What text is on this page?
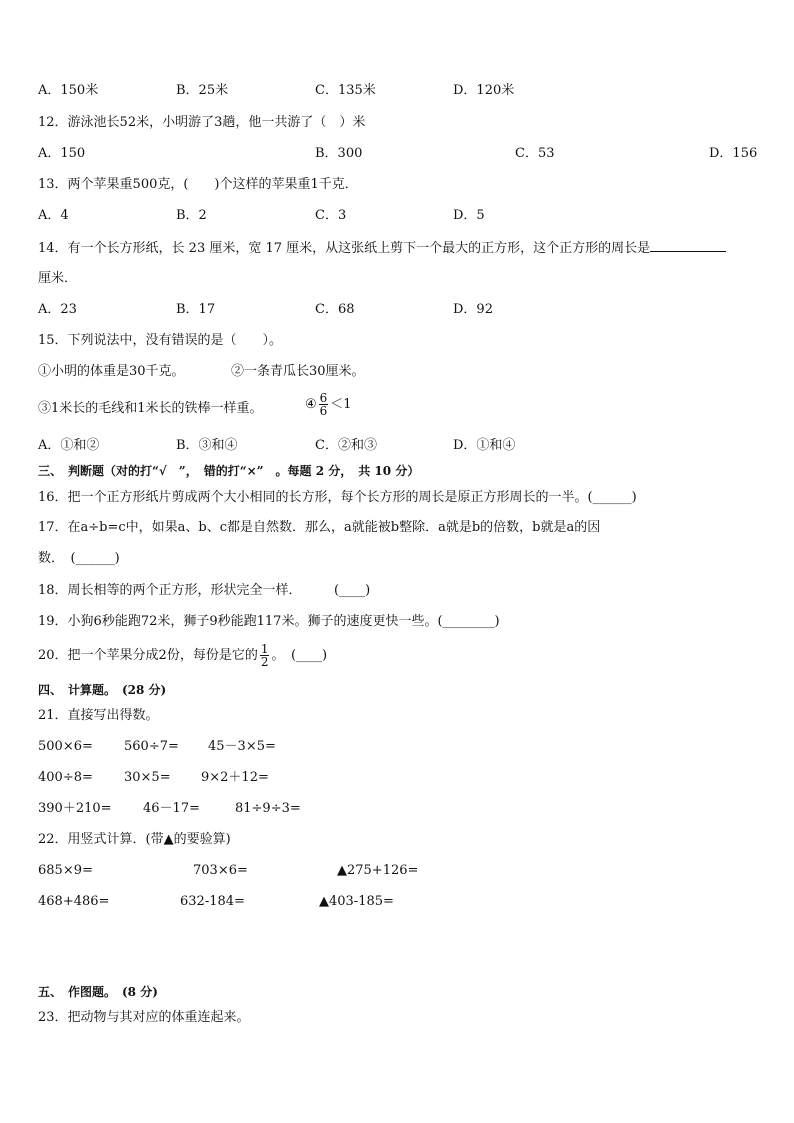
A．150米	B．25米	C．135米	D．120米
12．游泳池长52米，小明游了3趟，他一共游了（　）米
A．150	B．300	C．53	D．156
13．两个苹果重500克，(　　)个这样的苹果重1千克．
A．4	B．2	C．3	D．5
14．有一个长方形纸，长 23 厘米，宽 17 厘米，从这张纸上剪下一个最大的正方形，这个正方形的周长是
厘米．
A．23	B．17	C．68	D．92
15．下列说法中，没有错误的是（　　）。
①小明的体重是30千克。	②一条青瓜长30厘米。
③1米长的毛线和1米长的铁棒一样重。	④ $\frac{6}{6} <1$
A．①和②	B．③和④	C．②和③	D．①和④
三、　判断题（对的打“√　”，　错的打“×”　。每题 2 分，　共 10 分）
16．把一个正方形纸片剪成两个大小相同的长方形，每个长方形的周长是原正方形周长的一半。(______)
17．在a÷b=c中，如果a、b、c都是自然数．那么，a就能被b整除．a就是b的倍数，b就是a的因
数．　(______)
18．周长相等的两个正方形，形状完全一样．　　　(____)
19．小狗6秒能跑72米，狮子9秒能跑117米。狮子的速度更快一些。(________)
20．把一个苹果分成2份，每份是它的 $\frac{1}{2}$ 。　(____)
四、　计算题。　(28 分)
21．直接写出得数。
500×6= 560÷7= 45－3×5=
400÷8= 30×5= 9×2＋12=
390＋210= 46－17=	81÷9÷3=
22．用竖式计算．(带▲的要验算)
685×9=	703×6=	▲275+126=
468+486=	632-184=	▲403-185=
五、　作图题。　(8 分)
23．把动物与其对应的体重连起来。
